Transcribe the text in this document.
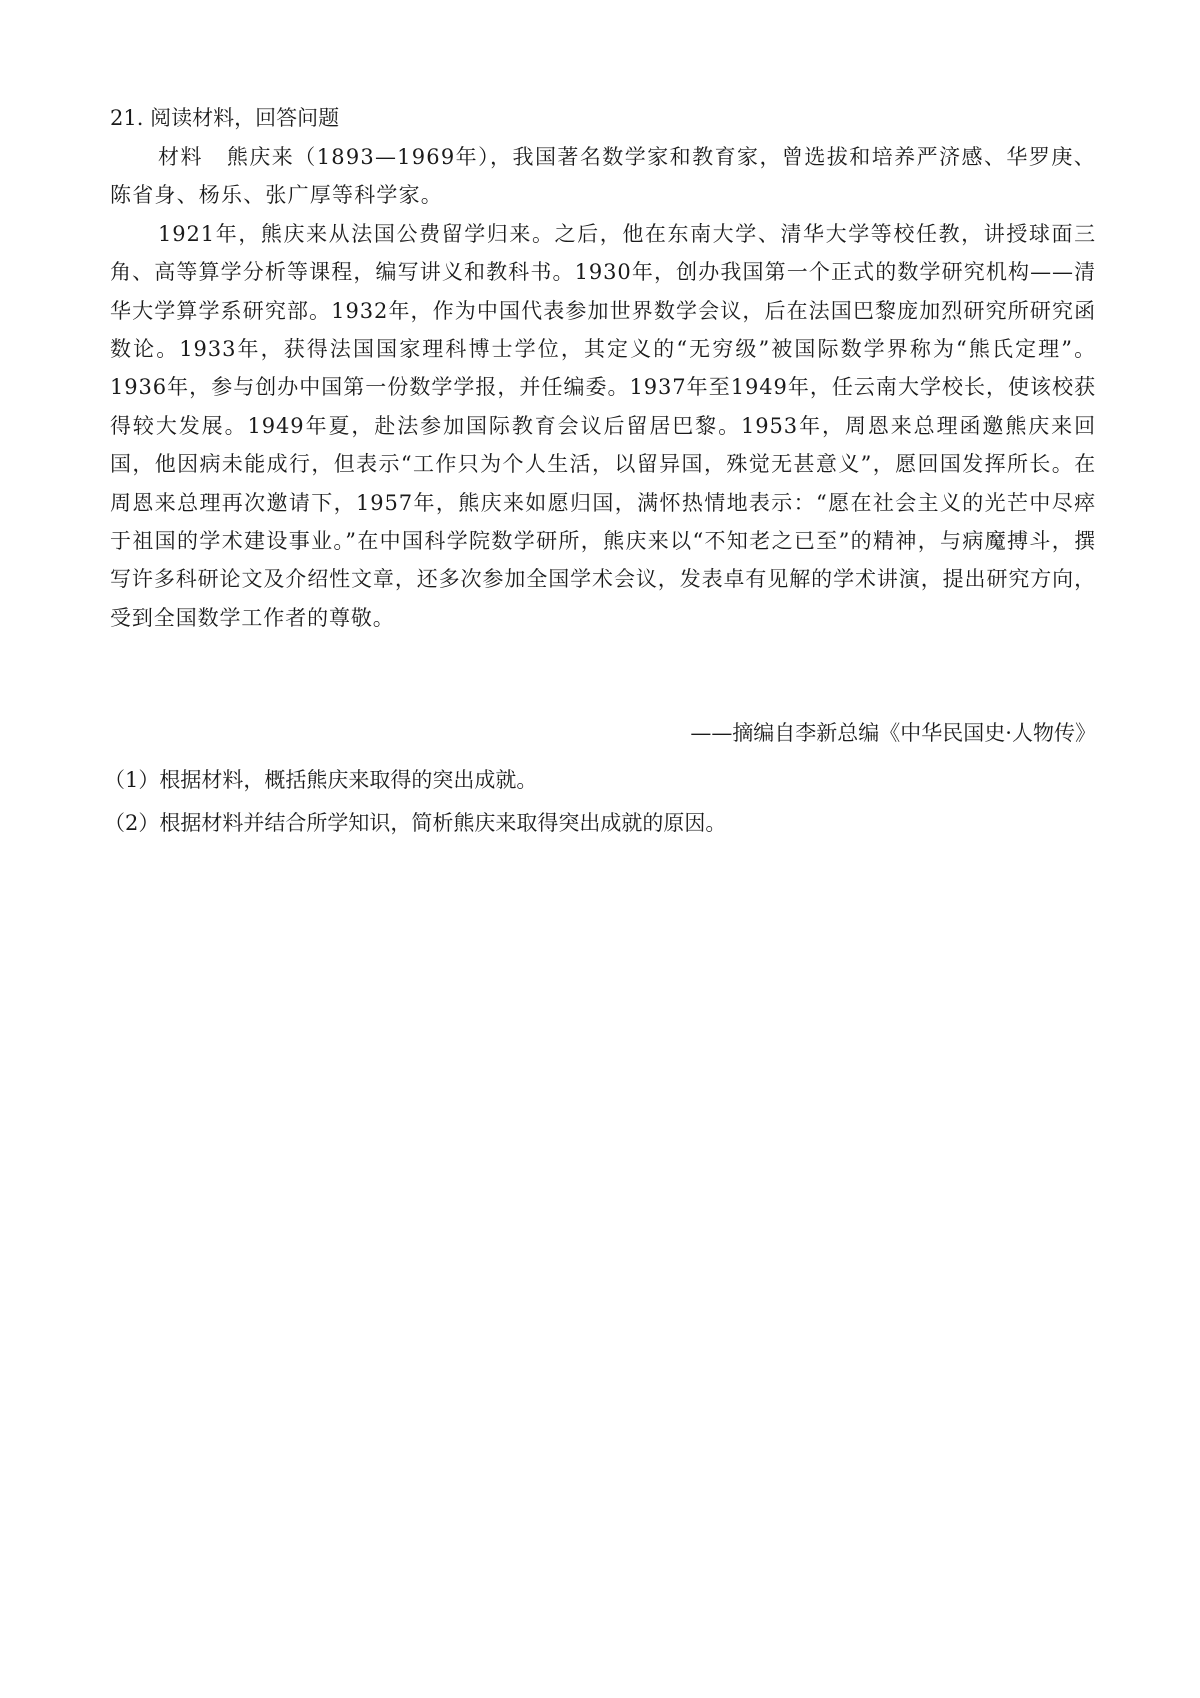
21. 阅读材料，回答问题

材料 熊庆来（1893—1969年），我国著名数学家和教育家，曾选拔和培养严济感、华罗庚、陈省身、杨乐、张广厚等科学家。

1921年，熊庆来从法国公费留学归来。之后，他在东南大学、清华大学等校任教，讲授球面三角、高等算学分析等课程，编写讲义和教科书。1930年，创办我国第一个正式的数学研究机构——清华大学算学系研究部。1932年，作为中国代表参加世界数学会议，后在法国巴黎庞加烈研究所研究函数论。1933年，获得法国国家理科博士学位，其定义的“无穷级”被国际数学界称为“熊氏定理”。1936年，参与创办中国第一份数学学报，并任编委。1937年至1949年，任云南大学校长，使该校获得较大发展。1949年夏，赴法参加国际教育会议后留居巴黎。1953年，周恩来总理函邀熊庆来回国，他因病未能成行，但表示“工作只为个人生活，以留异国，殊觉无甚意义”，愿回国发挥所长。在周恩来总理再次邀请下，1957年，熊庆来如愿归国，满怀热情地表示：“愿在社会主义的光芒中尽瘁于祖国的学术建设事业。”在中国科学院数学研所，熊庆来以“不知老之已至”的精神，与病魔搏斗，撰写许多科研论文及介绍性文章，还多次参加全国学术会议，发表卓有见解的学术讲演，提出研究方向，受到全国数学工作者的尊敬。

——摘编自李新总编《中华民国史·人物传》
（1）根据材料，概括熊庆来取得的突出成就。
（2）根据材料并结合所学知识，简析熊庆来取得突出成就的原因。
